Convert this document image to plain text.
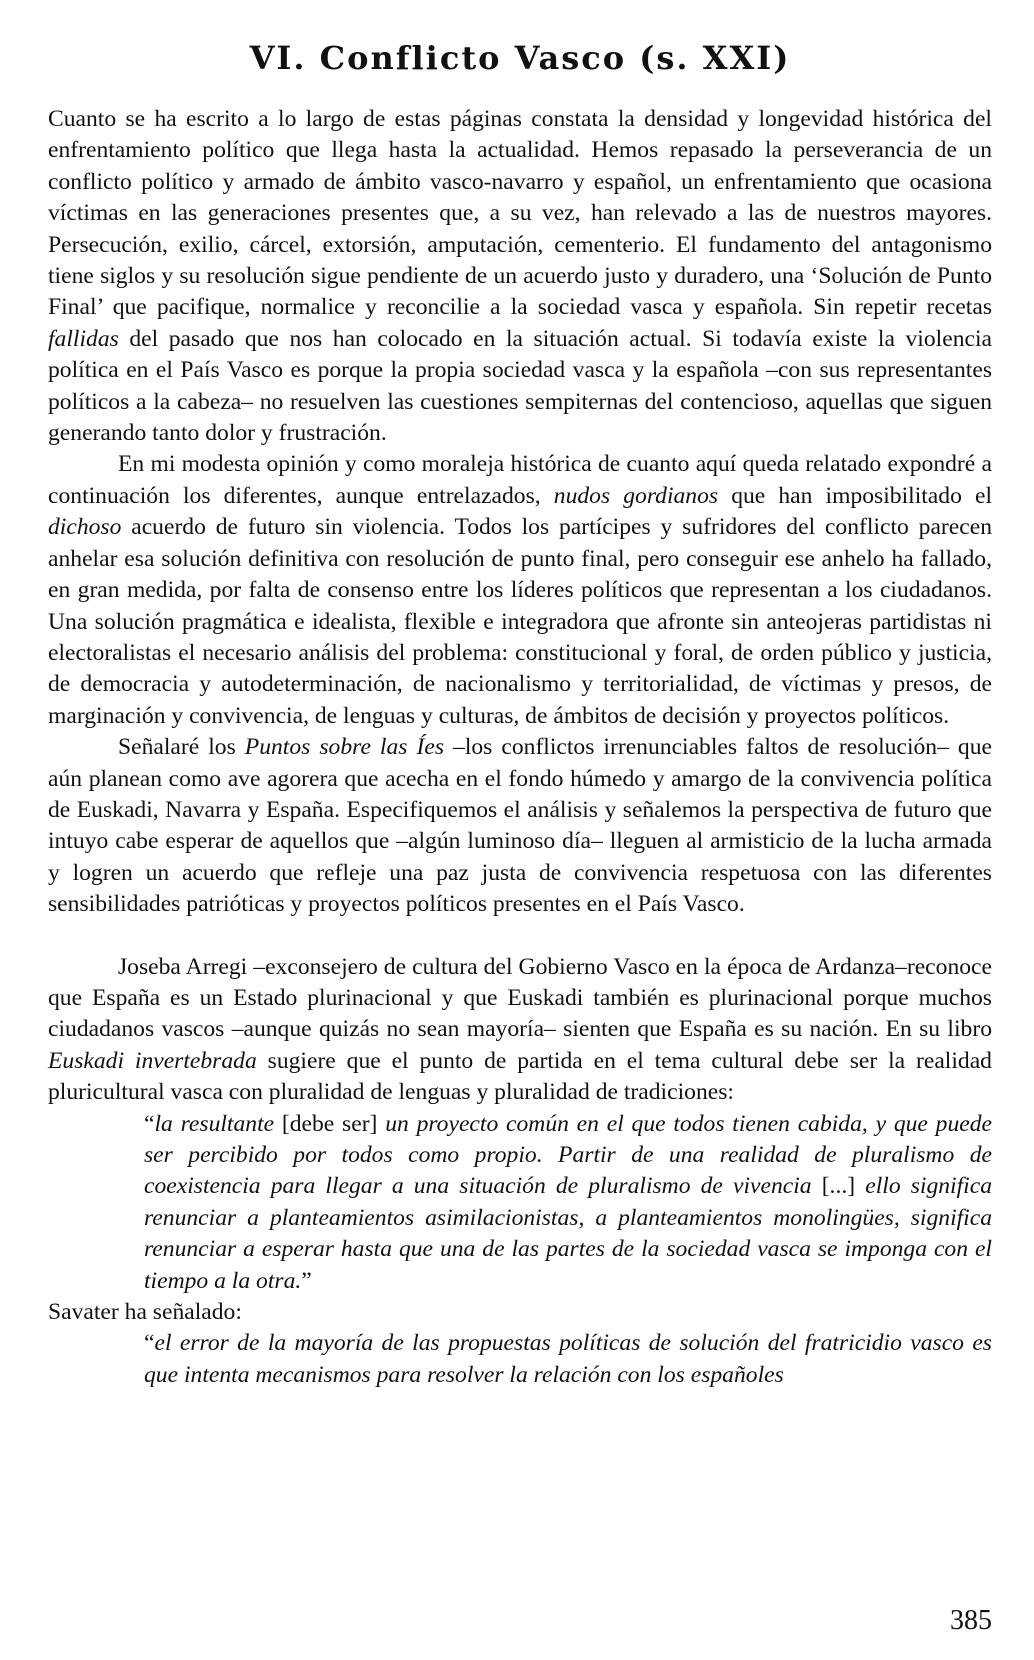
VI. Conflicto Vasco (s. XXI)

Cuanto se ha escrito a lo largo de estas páginas constata la densidad y longevidad histórica del enfrentamiento político que llega hasta la actualidad. Hemos repasado la perseverancia de un conflicto político y armado de ámbito vasco-navarro y español, un enfrentamiento que ocasiona víctimas en las generaciones presentes que, a su vez, han relevado a las de nuestros mayores. Persecución, exilio, cárcel, extorsión, amputación, cementerio. El fundamento del antagonismo tiene siglos y su resolución sigue pendiente de un acuerdo justo y duradero, una ‘Solución de Punto Final’ que pacifique, normalice y reconcilie a la sociedad vasca y española. Sin repetir recetas fallidas del pasado que nos han colocado en la situación actual. Si todavía existe la violencia política en el País Vasco es porque la propia sociedad vasca y la española –con sus representantes políticos a la cabeza– no resuelven las cuestiones sempiternas del contencioso, aquellas que siguen generando tanto dolor y frustración.

En mi modesta opinión y como moraleja histórica de cuanto aquí queda relatado expondré a continuación los diferentes, aunque entrelazados, nudos gordianos que han imposibilitado el dichoso acuerdo de futuro sin violencia. Todos los partícipes y sufridores del conflicto parecen anhelar esa solución definitiva con resolución de punto final, pero conseguir ese anhelo ha fallado, en gran medida, por falta de consenso entre los líderes políticos que representan a los ciudadanos. Una solución pragmática e idealista, flexible e integradora que afronte sin anteojeras partidistas ni electoralistas el necesario análisis del problema: constitucional y foral, de orden público y justicia, de democracia y autodeterminación, de nacionalismo y territorialidad, de víctimas y presos, de marginación y convivencia, de lenguas y culturas, de ámbitos de decisión y proyectos políticos.

Señalaré los Puntos sobre las Íes –los conflictos irrenunciables faltos de resolución– que aún planean como ave agorera que acecha en el fondo húmedo y amargo de la convivencia política de Euskadi, Navarra y España. Especifiquemos el análisis y señalemos la perspectiva de futuro que intuyo cabe esperar de aquellos que –algún luminoso día– lleguen al armisticio de la lucha armada y logren un acuerdo que refleje una paz justa de convivencia respetuosa con las diferentes sensibilidades patrióticas y proyectos políticos presentes en el País Vasco.

Joseba Arregi –exconsejero de cultura del Gobierno Vasco en la época de Ardanza–reconoce que España es un Estado plurinacional y que Euskadi también es plurinacional porque muchos ciudadanos vascos –aunque quizás no sean mayoría– sienten que España es su nación. En su libro Euskadi invertebrada sugiere que el punto de partida en el tema cultural debe ser la realidad pluricultural vasca con pluralidad de lenguas y pluralidad de tradiciones:

“la resultante [debe ser] un proyecto común en el que todos tienen cabida, y que puede ser percibido por todos como propio. Partir de una realidad de pluralismo de coexistencia para llegar a una situación de pluralismo de vivencia [...] ello significa renunciar a planteamientos asimilacionistas, a planteamientos monolingües, significa renunciar a esperar hasta que una de las partes de la sociedad vasca se imponga con el tiempo a la otra.”

Savater ha señalado:

“el error de la mayoría de las propuestas políticas de solución del fratricidio vasco es que intenta mecanismos para resolver la relación con los españoles

385
